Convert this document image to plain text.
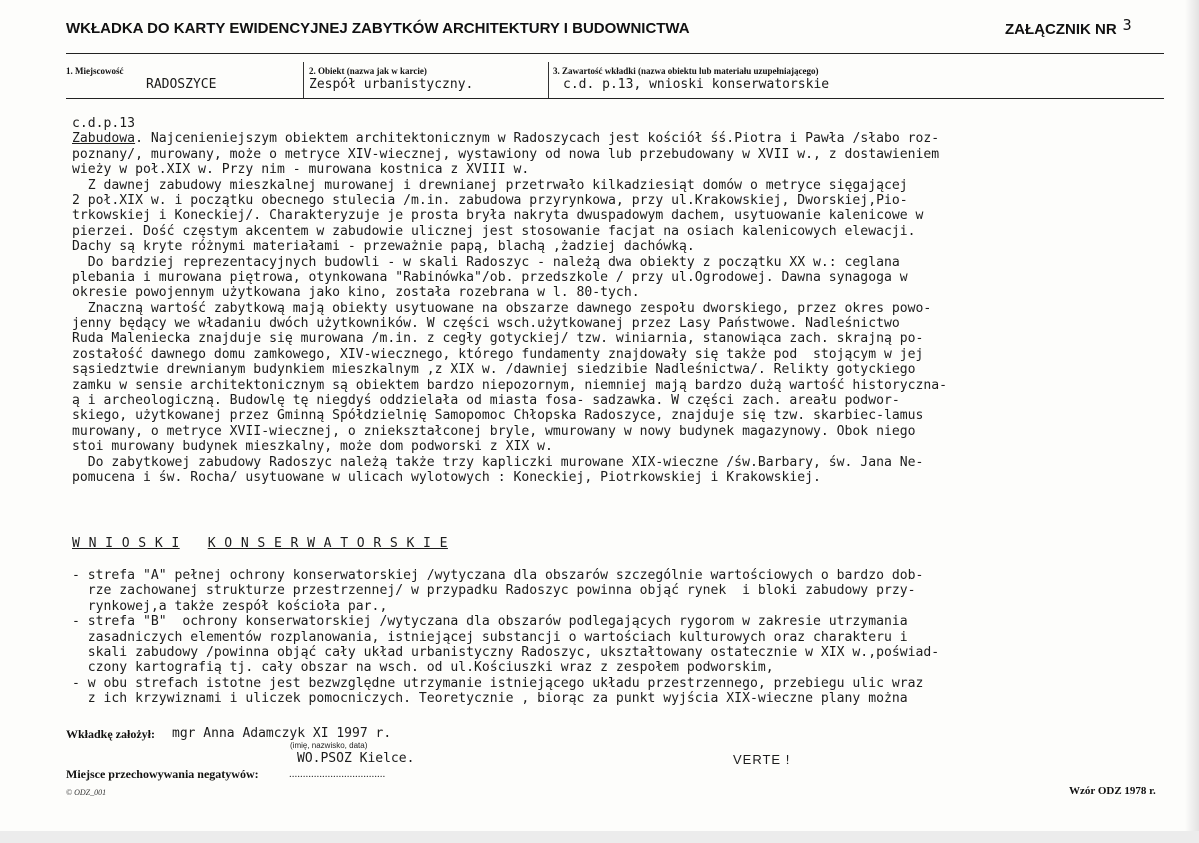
WKŁADKA DO KARTY EWIDENCYJNEJ ZABYTKÓW ARCHITEKTURY I BUDOWNICTWA	ZAŁĄCZNIK NR 3
1. Miejscowość
RADOSZYCE
2. Obiekt (nazwa jak w karcie)
Zespół urbanistyczny.
3. Zawartość wkładki (nazwa obiektu lub materiału uzupełniającego)
c.d. p.13, wnioski konserwatorskie
c.d.p.13
Zabudowa. Najcenieniejszym obiektem architektonicznym w Radoszycach jest kościół śś.Piotra i Pawła /słabo roz-
poznany/, murowany, może o metryce XIV-wiecznej, wystawiony od nowa lub przebudowany w XVII w., z dostawieniem
wieży w poł.XIX w. Przy nim - murowana kostnica z XVIII w.
Z dawnej zabudowy mieszkalnej murowanej i drewnianej przetrwało kilkadziesiąt domów o metryce sięgającej
2 poł.XIX w. i początku obecnego stulecia /m.in. zabudowa przyrynkowa, przy ul.Krakowskiej, Dworskiej,Pio-
trkowskiej i Koneckiej/. Charakteryzuje je prosta bryła nakryta dwuspadowym dachem, usytuowanie kalenicowe w
pierzei. Dość częstym akcentem w zabudowie ulicznej jest stosowanie facjat na osiach kalenicowych elewacji.
Dachy są kryte różnymi materiałami - przeważnie papą, blachą ,żadziej dachówką.
Do bardziej reprezentacyjnych budowli - w skali Radoszyc - należą dwa obiekty z początku XX w.: ceglana
plebania i murowana piętrowa, otynkowana "Rabinówka"/ob. przedszkole / przy ul.Ogrodowej. Dawna synagoga w
okresie powojennym użytkowana jako kino, została rozebrana w l. 80-tych.
Znaczną wartość zabytkową mają obiekty usytuowane na obszarze dawnego zespołu dworskiego, przez okres powo-
jenny będący we władaniu dwóch użytkowników. W części wsch.użytkowanej przez Lasy Państwowe. Nadleśnictwo
Ruda Maleniecka znajduje się murowana /m.in. z cegły gotyckiej/ tzw. winiarnia, stanowiąca zach. skrajną po-
zostałość dawnego domu zamkowego, XIV-wiecznego, którego fundamenty znajdowały się także pod  stojącym w jej
sąsiedztwie drewnianym budynkiem mieszkalnym ,z XIX w. /dawniej siedzibie Nadleśnictwa/. Relikty gotyckiego
zamku w sensie architektonicznym są obiektem bardzo niepozornym, niemniej mają bardzo dużą wartość historyczna-
ą i archeologiczną. Budowlę tę niegdyś oddzielała od miasta fosa- sadzawka. W części zach. areału podwor-
skiego, użytkowanej przez Gminną Spółdzielnię Samopomoc Chłopska Radoszyce, znajduje się tzw. skarbiec-lamus
murowany, o metryce XVII-wiecznej, o zniekształconej bryle, wmurowany w nowy budynek magazynowy. Obok niego
stoi murowany budynek mieszkalny, może dom podworski z XIX w.
Do zabytkowej zabudowy Radoszyc należą także trzy kapliczki murowane XIX-wieczne /św.Barbary, św. Jana Ne-
pomucena i św. Rocha/ usytuowane w ulicach wylotowych : Koneckiej, Piotrkowskiej i Krakowskiej.
W N I O S K I K O N S E R W A T O R S K I E
- strefa "A" pełnej ochrony konserwatorskiej /wytyczana dla obszarów szczególnie wartościowych o bardzo dob-
rze zachowanej strukturze przestrzennej/ w przypadku Radoszyc powinna objąć rynek  i bloki zabudowy przy-
rynkowej,a także zespół kościoła par.,
- strefa "B"  ochrony konserwatorskiej /wytyczana dla obszarów podlegających rygorom w zakresie utrzymania
zasadniczych elementów rozplanowania, istniejącej substancji o wartościach kulturowych oraz charakteru i
skali zabudowy /powinna objąć cały układ urbanistyczny Radoszyc, ukształtowany ostatecznie w XIX w.,poświad-
czony kartografią tj. cały obszar na wsch. od ul.Kościuszki wraz z zespołem podworskim,
- w obu strefach istotne jest bezwzględne utrzymanie istniejącego układu przestrzennego, przebiegu ulic wraz
z ich krzywiznami i uliczek pomocniczych. Teoretycznie , biorąc za punkt wyjścia XIX-wieczne plany można
Wkładkę założył: mgr Anna Adamczyk XI 1997 r.
(imię, nazwisko, data)
WO.PSOZ Kielce.	VERTE !
Miejsce przechowywania negatywów:	...................................
© ODZ_001	Wzór ODZ 1978 r.
